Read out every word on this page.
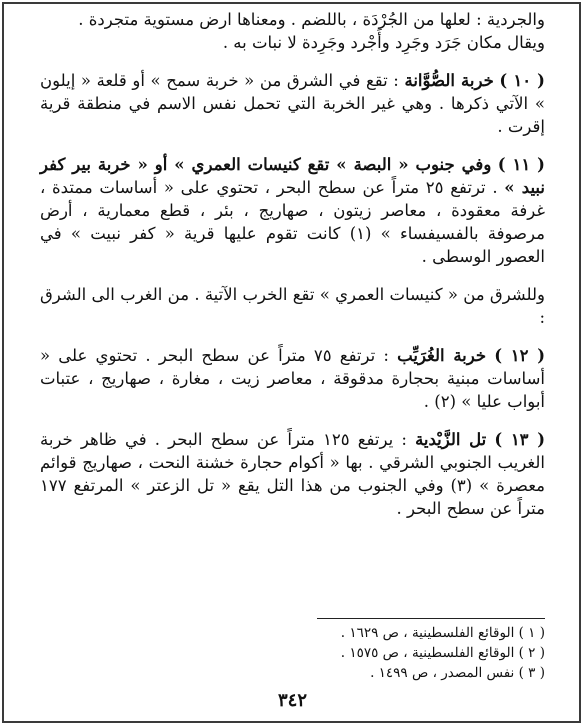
والجردية : لعلها من الجُرْدَة ، باللضم . ومعناها ارض مستوية متجردة .

ويقال مكان جَرَد وجَرِد وأَجْرد وجَرِدة لا نبات به .

( ١٠ ) خربة الصُّوَّانة : تقع في الشرق من « خربة سمح » أو قلعة « إيلون » الآتي ذكرها . وهي غير الخربة التي تحمل نفس الاسم في منطقة قرية إقرت .

( ١١ ) وفي جنوب « البصة » تقع كنيسات العمري » أو « خربة بير كفر نبيد » . ترتفع ٢٥ متراً عن سطح البحر ، تحتوي على « أساسات ممتدة ، غرفة معقودة ، معاصر زيتون ، صهاريج ، بئر ، قطع معمارية ، أرض مرصوفة بالفسيفساء » (١) كانت تقوم عليها قرية « كفر نبيت » في العصور الوسطى .

وللشرق من « كنيسات العمري » تقع الخرب الآتية . من الغرب الى الشرق :

( ١٢ ) خربة الغُرَيِّب : ترتفع ٧٥ متراً عن سطح البحر . تحتوي على « أساسات مبنية بحجارة مدقوقة ، معاصر زيت ، مغارة ، صهاريج ، عتبات أبواب عليا » (٢) .

( ١٣ ) تل الزَّيْدية : يرتفع ١٢٥ متراً عن سطح البحر . في ظاهر خربة الغريب الجنوبي الشرقي . بها « أكوام حجارة خشنة النحت ، صهاريج قوائم معصرة » (٣) وفي الجنوب من هذا التل يقع « تل الزعتر » المرتفع ١٧٧ متراً عن سطح البحر .

( ١ ) الوقائع الفلسطينية ، ص ١٦٢٩ .

( ٢ ) الوقائع الفلسطينية ، ص ١٥٧٥ .

( ٣ ) نفس المصدر ، ص ١٤٩٩ .

٣٤٢
